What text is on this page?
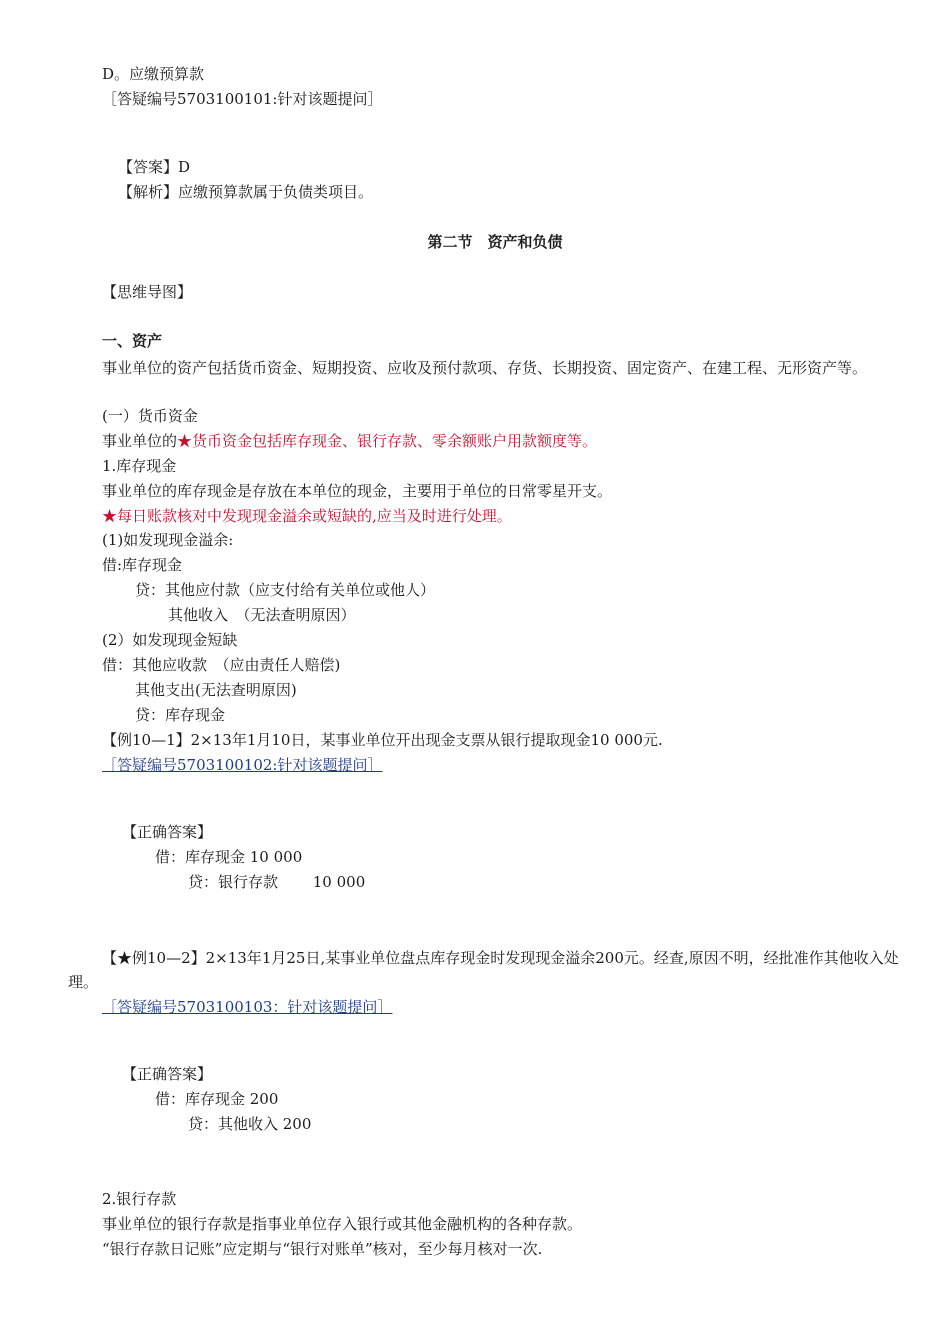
D。应缴预算款
［答疑编号5703100101:针对该题提问］
【答案】D
【解析】应缴预算款属于负债类项目。
第二节　资产和负债
【思维导图】
一、资产
事业单位的资产包括货币资金、短期投资、应收及预付款项、存货、长期投资、固定资产、在建工程、无形资产等。
(一）货币资金
事业单位的★货币资金包括库存现金、银行存款、零余额账户用款额度等。
1.库存现金
事业单位的库存现金是存放在本单位的现金，主要用于单位的日常零星开支。
★每日账款核对中发现现金溢余或短缺的,应当及时进行处理。
(1)如发现现金溢余:
借:库存现金
贷：其他应付款（应支付给有关单位或他人）
其他收入　（无法查明原因）
(2）如发现现金短缺
借：其他应收款　（应由责任人赔偿)
其他支出(无法查明原因)
贷：库存现金
【例10—1】2×13年1月10日，某事业单位开出现金支票从银行提取现金10 000元.
［答疑编号5703100102:针对该题提问］
【正确答案】
借：库存现金 10 000
贷：银行存款　　 10 000
【★例10—2】2×13年1月25日,某事业单位盘点库存现金时发现现金溢余200元。经查,原因不明，经批准作其他收入处理。
［答疑编号5703100103：针对该题提问］
【正确答案】
借：库存现金 200
贷：其他收入 200
2.银行存款
事业单位的银行存款是指事业单位存入银行或其他金融机构的各种存款。
“银行存款日记账”应定期与“银行对账单”核对，至少每月核对一次.
